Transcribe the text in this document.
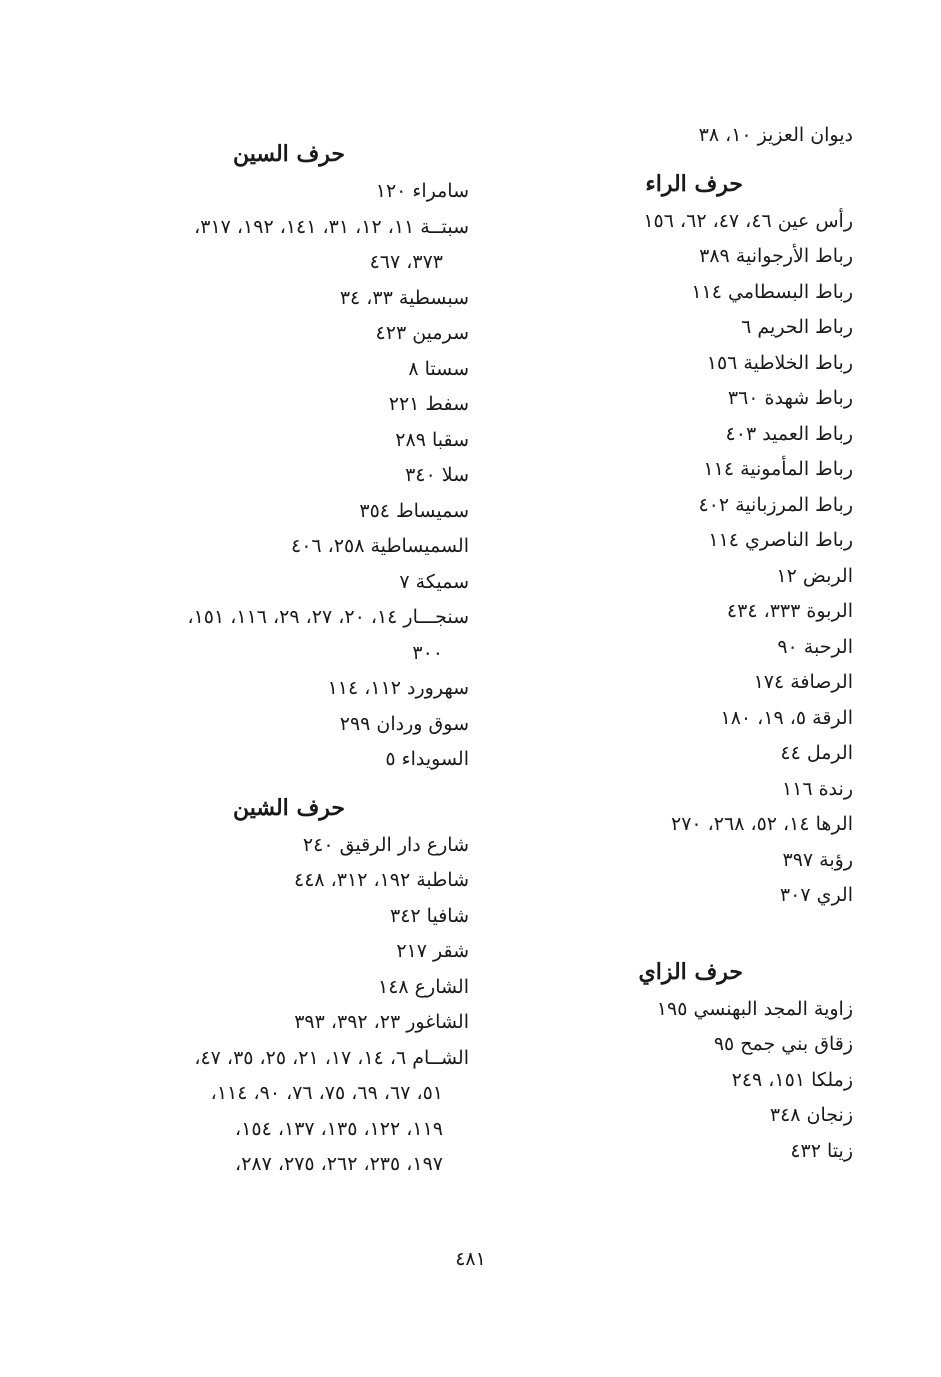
ديوان العزيز ١٠، ٣٨
حرف الراء
رأس عين ٤٦، ٤٧، ٦٢، ١٥٦
رباط الأرجوانية ٣٨٩
رباط البسطامي ١١٤
رباط الحريم ٦
رباط الخلاطية ١٥٦
رباط شهدة ٣٦٠
رباط العميد ٤٠٣
رباط المأمونية ١١٤
رباط المرزبانية ٤٠٢
رباط الناصري ١١٤
الربض ١٢
الربوة ٣٣٣، ٤٣٤
الرحبة ٩٠
الرصافة ١٧٤
الرقة ٥، ١٩، ١٨٠
الرمل ٤٤
رندة ١١٦
الرها ١٤، ٥٢، ٢٦٨، ٢٧٠
رؤبة ٣٩٧
الري ٣٠٧
حرف الزاي
زاوية المجد البهنسي ١٩٥
زقاق بني جمح ٩٥
زملكا ١٥١، ٢٤٩
زنجان ٣٤٨
زيتا ٤٣٢
حرف السين
سامراء ١٢٠
سبتــة ١١، ١٢، ٣١، ١٤١، ١٩٢، ٣١٧،
٣٧٣، ٤٦٧
سبسطية ٣٣، ٣٤
سرمين ٤٢٣
سستا ٨
سفط ٢٢١
سقبا ٢٨٩
سلا ٣٤٠
سميساط ٣٥٤
السميساطية ٢٥٨، ٤٠٦
سميكة ٧
سنجـــار ١٤، ٢٠، ٢٧، ٢٩، ١١٦، ١٥١،
٣٠٠
سهرورد ١١٢، ١١٤
سوق وردان ٢٩٩
السويداء ٥
حرف الشين
شارع دار الرقيق ٢٤٠
شاطبة ١٩٢، ٣١٢، ٤٤٨
شافيا ٣٤٢
شقر ٢١٧
الشارع ١٤٨
الشاغور ٢٣، ٣٩٢، ٣٩٣
الشــام ٦، ١٤، ١٧، ٢١، ٢٥، ٣٥، ٤٧،
٥١، ٦٧، ٦٩، ٧٥، ٧٦، ٩٠، ١١٤،
١١٩، ١٢٢، ١٣٥، ١٣٧، ١٥٤،
١٩٧، ٢٣٥، ٢٦٢، ٢٧٥، ٢٨٧،
٤٨١
